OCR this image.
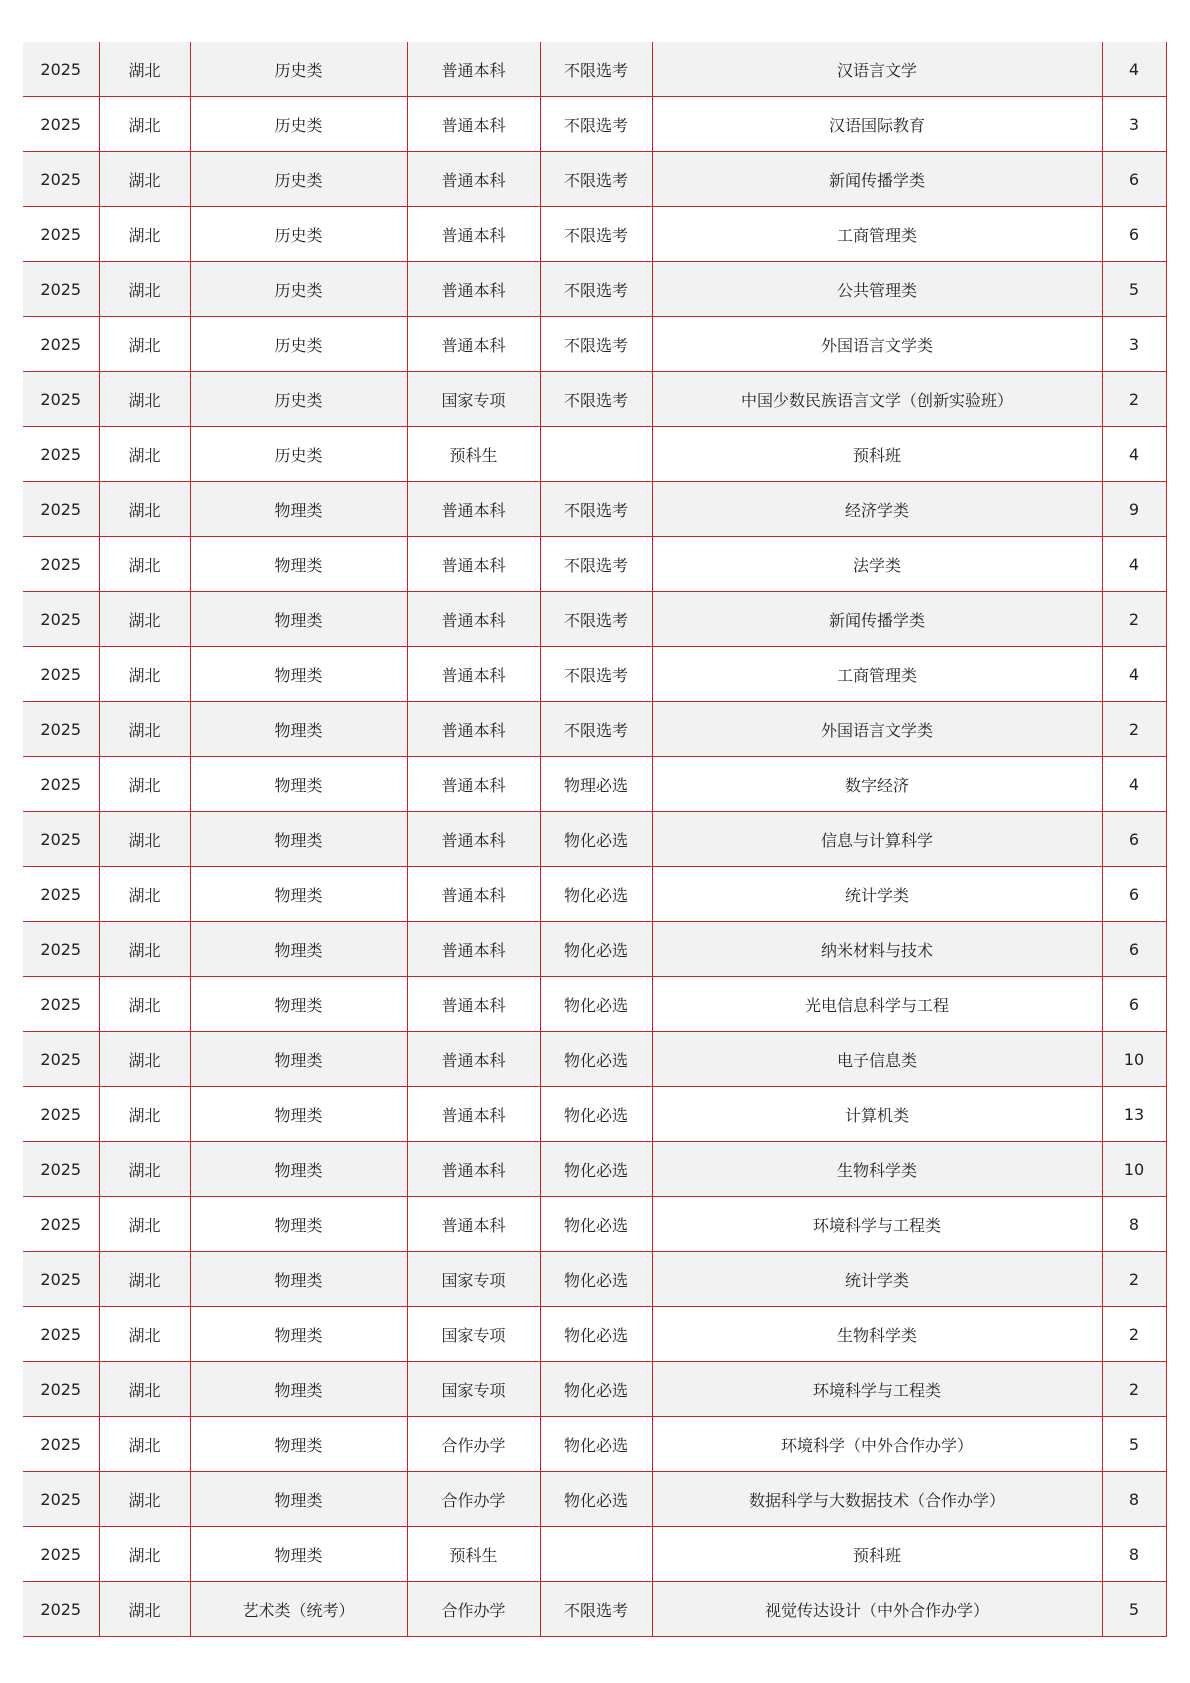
2025	湖北	历史类	普通本科	不限选考	汉语言文学	4
2025	湖北	历史类	普通本科	不限选考	汉语国际教育	3
2025	湖北	历史类	普通本科	不限选考	新闻传播学类	6
2025	湖北	历史类	普通本科	不限选考	工商管理类	6
2025	湖北	历史类	普通本科	不限选考	公共管理类	5
2025	湖北	历史类	普通本科	不限选考	外国语言文学类	3
2025	湖北	历史类	国家专项	不限选考	中国少数民族语言文学（创新实验班）	2
2025	湖北	历史类	预科生		预科班	4
2025	湖北	物理类	普通本科	不限选考	经济学类	9
2025	湖北	物理类	普通本科	不限选考	法学类	4
2025	湖北	物理类	普通本科	不限选考	新闻传播学类	2
2025	湖北	物理类	普通本科	不限选考	工商管理类	4
2025	湖北	物理类	普通本科	不限选考	外国语言文学类	2
2025	湖北	物理类	普通本科	物理必选	数字经济	4
2025	湖北	物理类	普通本科	物化必选	信息与计算科学	6
2025	湖北	物理类	普通本科	物化必选	统计学类	6
2025	湖北	物理类	普通本科	物化必选	纳米材料与技术	6
2025	湖北	物理类	普通本科	物化必选	光电信息科学与工程	6
2025	湖北	物理类	普通本科	物化必选	电子信息类	10
2025	湖北	物理类	普通本科	物化必选	计算机类	13
2025	湖北	物理类	普通本科	物化必选	生物科学类	10
2025	湖北	物理类	普通本科	物化必选	环境科学与工程类	8
2025	湖北	物理类	国家专项	物化必选	统计学类	2
2025	湖北	物理类	国家专项	物化必选	生物科学类	2
2025	湖北	物理类	国家专项	物化必选	环境科学与工程类	2
2025	湖北	物理类	合作办学	物化必选	环境科学（中外合作办学）	5
2025	湖北	物理类	合作办学	物化必选	数据科学与大数据技术（合作办学）	8
2025	湖北	物理类	预科生		预科班	8
2025	湖北	艺术类（统考）	合作办学	不限选考	视觉传达设计（中外合作办学）	5
